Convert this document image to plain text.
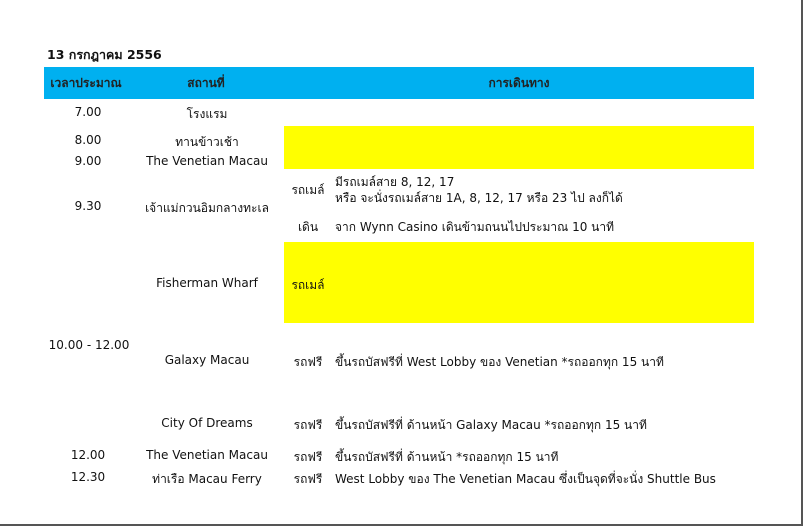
13 กรกฎาคม 2556
เวลาประมาณ	สถานที่	การเดินทาง
7.00
8.00
9.00
9.30
10.00 - 12.00
12.00
12.30
โรงแรม
ทานข้าวเช้า
The Venetian Macau
เจ้าแม่กวนอิมกลางทะเล
Fisherman Wharf
Galaxy Macau
City Of Dreams
The Venetian Macau
ท่าเรือ Macau Ferry
รถเมล์
เดิน
รถเมล์
รถฟรี
รถฟรี
รถฟรี
รถฟรี
มีรถเมล์สาย 8, 12, 17
หรือ จะนั่งรถเมล์สาย 1A, 8, 12, 17 หรือ 23 ไป ลงก็ได้
จาก Wynn Casino เดินข้ามถนนไปประมาณ 10 นาที
ขึ้นรถบัสฟรีที่ West Lobby ของ Venetian *รถออกทุก 15 นาที
ขึ้นรถบัสฟรีที่ ด้านหน้า Galaxy Macau *รถออกทุก 15 นาที
ขึ้นรถบัสฟรีที่ ด้านหน้า *รถออกทุก 15 นาที
West Lobby ของ The Venetian Macau ซึ่งเป็นจุดที่จะนั่ง Shuttle Bus
